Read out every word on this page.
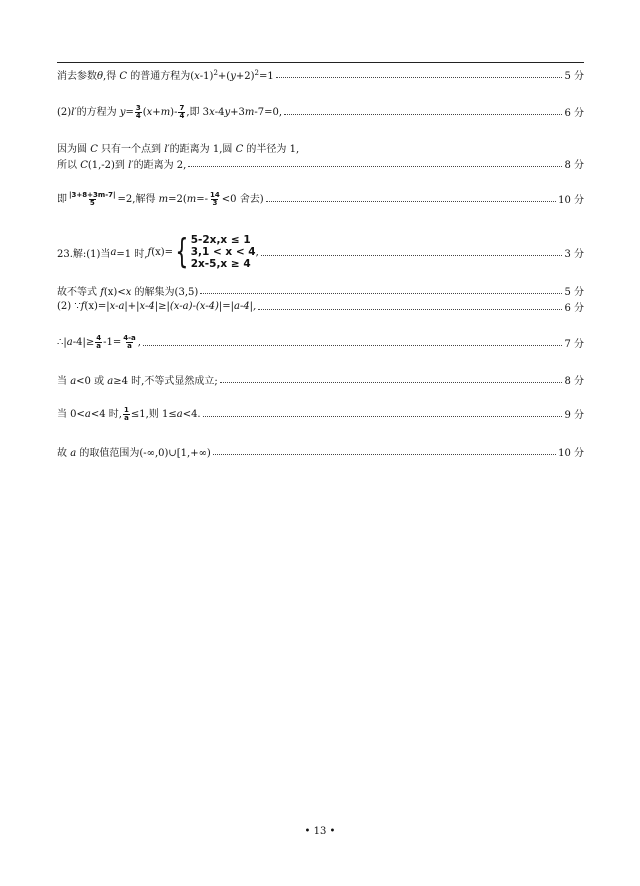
消去参数θ,得 C 的普通方程为$(x-1)^2+(y+2)^2=1$	5 分
(2)l′的方程为 $y= \frac{3}{4} (x+m)- \frac{7}{4}$ ,即 3x-4y+3m-7=0,	6 分
因为圆 C 只有一个点到 l′的距离为 1,圆 C 的半径为 1,
所以 C(1,-2)到 l′的距离为 2,	8 分
即 $\frac{|3+8+3m-7|}{5} =2$,解得 $m=2(m=- \frac{14}{3} <0$ 舍去)	10 分
23.解:(1)当 a =1 时, f (x) = { 5-2x,x ≤ 1
3,1 < x < 4
2x-5,x ≥ 4
,	3 分
故不等式 f(x)<x 的解集为(3,5)	5 分
(2) ∵f(x)=|x-a|+|x-4|≥|(x-a)-(x-4)|=|a-4|,	6 分
∴|a-4|≥ $\frac{4}{a} -1= \frac{4-a}{a}$ ,	7 分
当 a<0 或 a≥4 时,不等式显然成立;	8 分
当 0<a<4 时, $\frac{1}{a} \le 1$,则 1≤a<4.	9 分
故 a 的取值范围为(-∞,0)∪[1,+∞)	10 分
• 13 •
